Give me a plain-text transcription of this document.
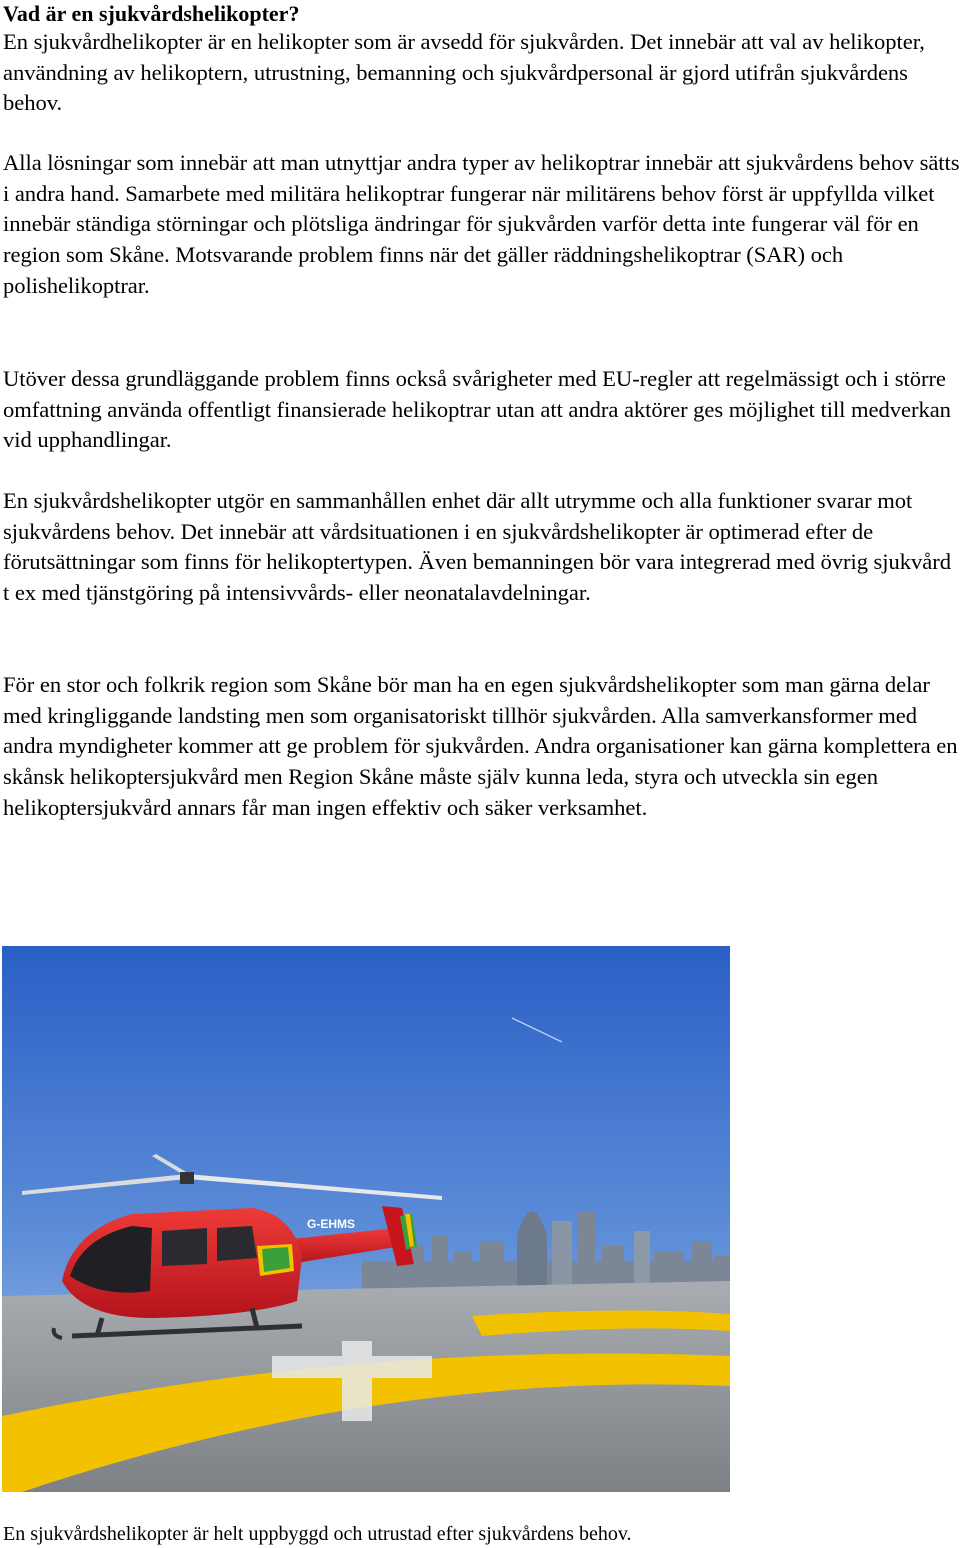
Vad är en sjukvårdshelikopter?

En sjukvårdhelikopter är en helikopter som är avsedd för sjukvården. Det innebär att val av helikopter, användning av helikoptern, utrustning, bemanning och sjukvårdpersonal är gjord utifrån sjukvårdens behov.

Alla lösningar som innebär att man utnyttjar andra typer av helikoptrar innebär att sjukvårdens behov sätts i andra hand. Samarbete med militära helikoptrar fungerar när militärens behov först är uppfyllda vilket innebär ständiga störningar och plötsliga ändringar för sjukvården varför detta inte fungerar väl för en region som Skåne. Motsvarande problem finns när det gäller räddningshelikoptrar (SAR) och polishelikoptrar.

Utöver dessa grundläggande problem finns också svårigheter med EU-regler att regelmässigt och i större omfattning använda offentligt finansierade helikoptrar utan att andra aktörer ges möjlighet till medverkan vid upphandlingar.

En sjukvårdshelikopter utgör en sammanhållen enhet där allt utrymme och alla funktioner svarar mot sjukvårdens behov. Det innebär att vårdsituationen i en sjukvårdshelikopter är optimerad efter de förutsättningar som finns för helikoptertypen. Även bemanningen bör vara integrerad med övrig sjukvård t ex med tjänstgöring på intensivvårds- eller neonatalavdelningar.

För en stor och folkrik region som Skåne bör man ha en egen sjukvårdshelikopter som man gärna delar med kringliggande landsting men som organisatoriskt tillhör sjukvården. Alla samverkansformer med andra myndigheter kommer att ge problem för sjukvården. Andra organisationer kan gärna komplettera en skånsk helikoptersjukvård men Region Skåne måste själv kunna leda, styra och utveckla sin egen helikoptersjukvård annars får man ingen effektiv och säker verksamhet.

G-EHMS

En sjukvårdshelikopter är helt uppbyggd och utrustad efter sjukvårdens behov.
